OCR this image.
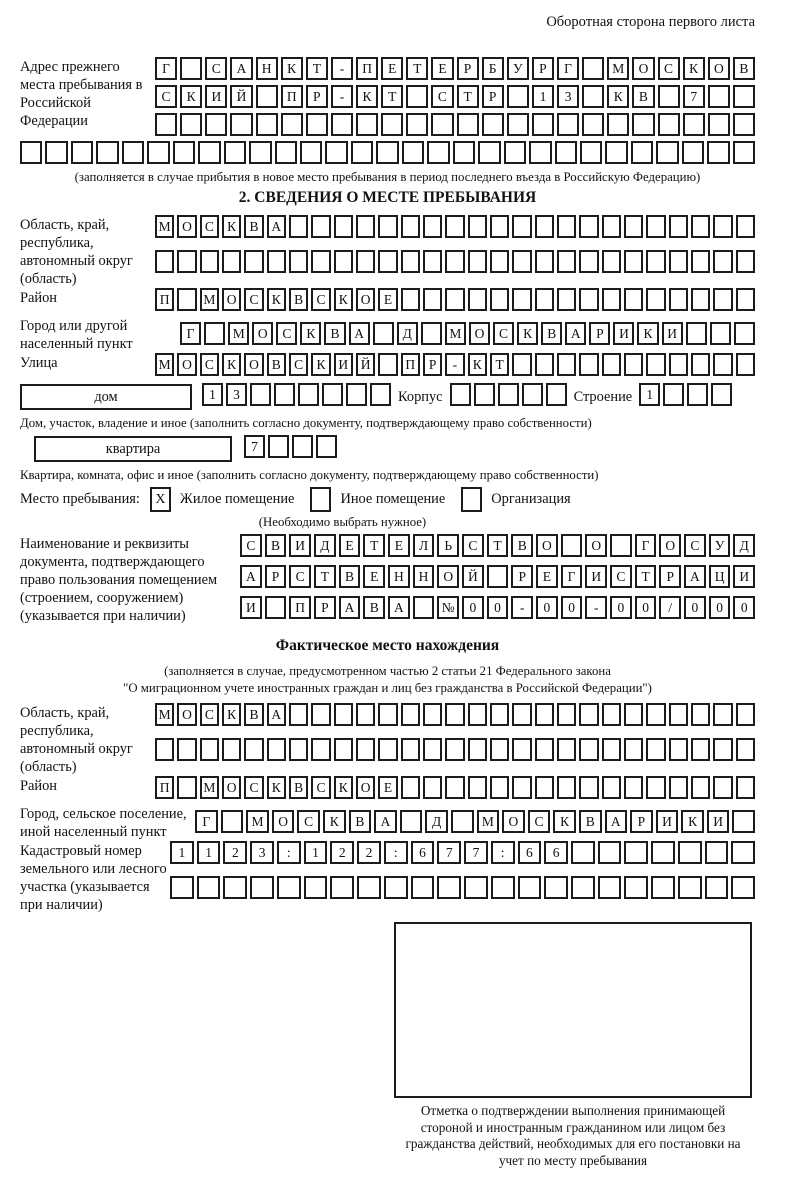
Оборотная сторона первого листа
Адрес прежнего места пребывания в Российской Федерации
Г	С	А	Н	К	Т	-	П	Е	Т	Е	Р	Б	У	Р	Г	М	О	С	К	О	В
С	К	И	Й	П	Р	-	К	Т	С	Т	Р	1	3	К	В	7
(заполняется в случае прибытия в новое место пребывания в период последнего въезда в Российскую Федерацию)
2. СВЕДЕНИЯ О МЕСТЕ ПРЕБЫВАНИЯ
Область, край, республика, автономный округ (область)
М О С К В А
Район	П	М О С К В С К О Е
Город или другой населенный пункт
Г	М О	С	К	В	А	Д	М О	С	К	В	А	Р	И	К	И
Улица	М О С К О В С К И Й	П	Р	-	К	Т
дом	1	3	Корпус	Строение	1
Дом, участок, владение и иное (заполнить согласно документу, подтверждающему право собственности)
квартира	7
Квартира, комната, офис и иное (заполнить согласно документу, подтверждающему право собственности)
Место пребывания:	X	Жилое помещение	Иное помещение	Организация
(Необходимо выбрать нужное)
Наименование и реквизиты документа, подтверждающего право пользования помещением (строением, сооружением) (указывается при наличии)
С	В	И	Д	Е	Т	Е	Л	Ь	С	Т	В	О	О	Г	О	С	У	Д
А	Р	С	Т	В	Е	Н	Н	О	Й	Р	Е	Г	И	С	Т	Р	А	Ц	И
И	П	Р	А	В	А	№	0	0	-	0	0	-	0	0	/	0	0	0
Фактическое место нахождения
(заполняется в случае, предусмотренном частью 2 статьи 21 Федерального закона
"О миграционном учете иностранных граждан и лиц без гражданства в Российской Федерации")
Область, край, республика, автономный округ (область)
М О С К В А
Район	П	М О С К В С К О Е
Город, сельское поселение, иной населенный пункт
Г	М	О	С	К	В	А	Д	М	О	С	К	В	А	Р	И	К	И
Кадастровый номер земельного или лесного участка (указывается при наличии)
1	1	2	3	:	1	2	2	:	6	7	7	:	6	6
Отметка о подтверждении выполнения принимающей стороной и иностранным гражданином или лицом без гражданства действий, необходимых для его постановки на учет по месту пребывания
